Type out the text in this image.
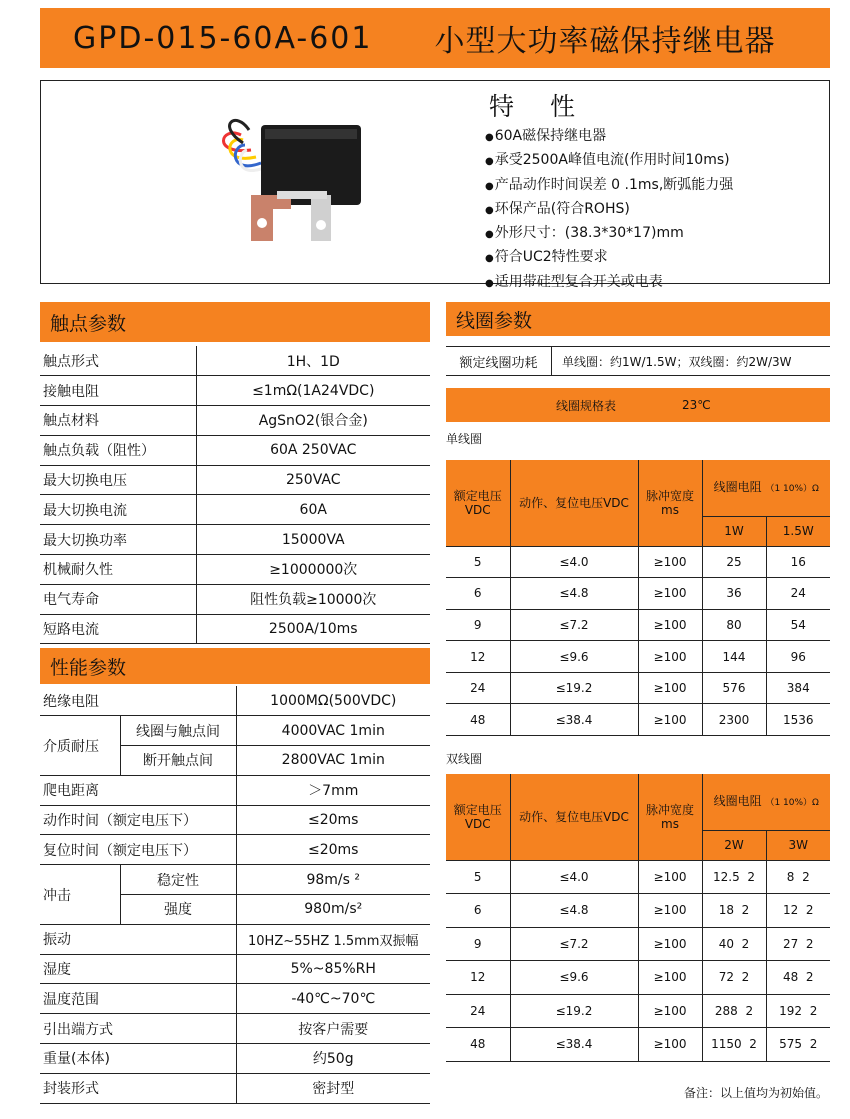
GPD-015-60A-601 小型大功率磁保持继电器
特 性
● 60A磁保持继电器
● 承受2500A峰值电流(作用时间10ms)
● 产品动作时间误差 0 .1ms,断弧能力强
● 环保产品(符合ROHS)
● 外形尺寸：(38.3*30*17)mm
● 符合UC2特性要求
● 适用带硅型复合开关或电表
触点参数
触点形式	1H、1D
接触电阻	≤1mΩ(1A24VDC)
触点材料	AgSnO2(银合金)
触点负载（阻性）	60A 250VAC
最大切换电压	250VAC
最大切换电流	60A
最大切换功率	15000VA
机械耐久性	≥1000000次
电气寿命	阻性负载≥10000次
短路电流	2500A/10ms
性能参数
绝缘电阻		1000MΩ(500VDC)
介质耐压	线圈与触点间	4000VAC 1min
	断开触点间	2800VAC 1min
爬电距离		＞7mm
动作时间（额定电压下）		≤20ms
复位时间（额定电压下）		≤20ms
冲击	稳定性	98m/s ²
	强度	980m/s²
振动		10HZ~55HZ 1.5mm双振幅
湿度		5%~85%RH
温度范围		-40℃~70℃
引出端方式		按客户需要
重量(本体)		约50g
封装形式		密封型
线圈参数
额定线圈功耗	单线圈：约1W/1.5W；双线圈：约2W/3W
线圈规格表	23℃
单线圈
额定电压VDC	动作、复位电压VDC	脉冲宽度ms	线圈电阻 （1 10%）Ω	
			1W	1.5W
5	≤4.0	≥100	25	16
6	≤4.8	≥100	36	24
9	≤7.2	≥100	80	54
12	≤9.6	≥100	144	96
24	≤19.2	≥100	576	384
48	≤38.4	≥100	2300	1536
双线圈
额定电压VDC	动作、复位电压VDC	脉冲宽度ms	线圈电阻 （1 10%）Ω	
			2W	3W
5	≤4.0	≥100	12.5 2	8 2
6	≤4.8	≥100	18 2	12 2
9	≤7.2	≥100	40 2	27 2
12	≤9.6	≥100	72 2	48 2
24	≤19.2	≥100	288 2	192 2
48	≤38.4	≥100	1150 2	575 2
备注：以上值均为初始值。
